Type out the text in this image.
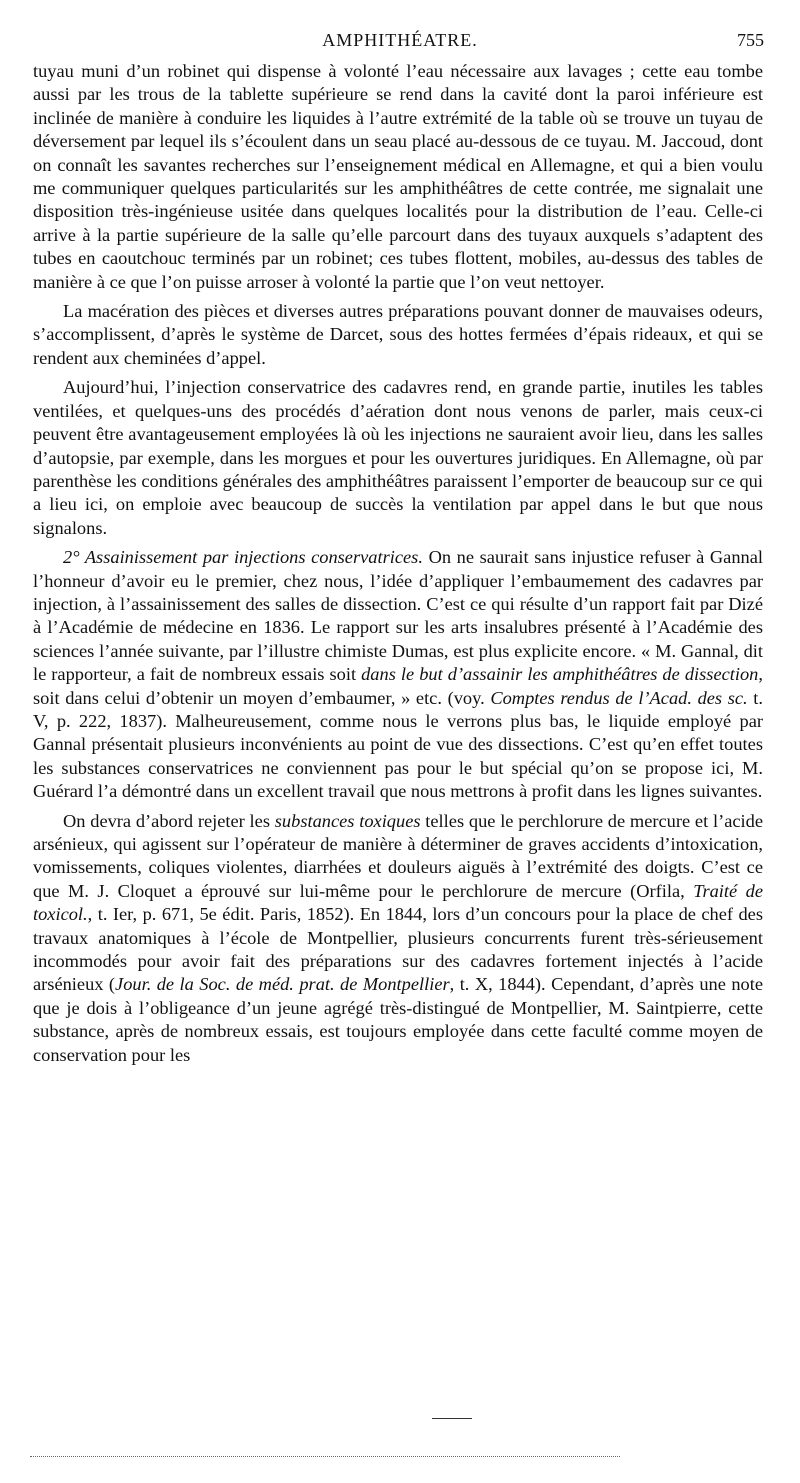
AMPHITHÉATRE.	755

tuyau muni d’un robinet qui dispense à volonté l’eau nécessaire aux lavages ; cette eau tombe aussi par les trous de la tablette supérieure se rend dans la cavité dont la paroi inférieure est inclinée de manière à conduire les liquides à l’autre extrémité de la table où se trouve un tuyau de déversement par lequel ils s’écoulent dans un seau placé au-dessous de ce tuyau. M. Jaccoud, dont on connaît les savantes recherches sur l’enseignement médical en Allemagne, et qui a bien voulu me communiquer quelques particularités sur les amphithéâtres de cette contrée, me signalait une disposition très-ingénieuse usitée dans quelques localités pour la distribution de l’eau. Celle-ci arrive à la partie supérieure de la salle qu’elle parcourt dans des tuyaux auxquels s’adaptent des tubes en caoutchouc terminés par un robinet; ces tubes flottent, mobiles, au-dessus des tables de manière à ce que l’on puisse arroser à volonté la partie que l’on veut nettoyer.

La macération des pièces et diverses autres préparations pouvant donner de mauvaises odeurs, s’accomplissent, d’après le système de Darcet, sous des hottes fermées d’épais rideaux, et qui se rendent aux cheminées d’appel.

Aujourd’hui, l’injection conservatrice des cadavres rend, en grande partie, inutiles les tables ventilées, et quelques-uns des procédés d’aération dont nous venons de parler, mais ceux-ci peuvent être avantageusement employées là où les injections ne sauraient avoir lieu, dans les salles d’autopsie, par exemple, dans les morgues et pour les ouvertures juridiques. En Allemagne, où par parenthèse les conditions générales des amphithéâtres paraissent l’emporter de beaucoup sur ce qui a lieu ici, on emploie avec beaucoup de succès la ventilation par appel dans le but que nous signalons.

2° Assainissement par injections conservatrices. On ne saurait sans injustice refuser à Gannal l’honneur d’avoir eu le premier, chez nous, l’idée d’appliquer l’embaumement des cadavres par injection, à l’assainissement des salles de dissection. C’est ce qui résulte d’un rapport fait par Dizé à l’Académie de médecine en 1836. Le rapport sur les arts insalubres présenté à l’Académie des sciences l’année suivante, par l’illustre chimiste Dumas, est plus explicite encore. « M. Gannal, dit le rapporteur, a fait de nombreux essais soit dans le but d’assainir les amphithéâtres de dissection, soit dans celui d’obtenir un moyen d’embaumer, » etc. (voy. Comptes rendus de l’Acad. des sc. t. V, p. 222, 1837). Malheureusement, comme nous le verrons plus bas, le liquide employé par Gannal présentait plusieurs inconvénients au point de vue des dissections. C’est qu’en effet toutes les substances conservatrices ne conviennent pas pour le but spécial qu’on se propose ici, M. Guérard l’a démontré dans un excellent travail que nous mettrons à profit dans les lignes suivantes.

On devra d’abord rejeter les substances toxiques telles que le perchlorure de mercure et l’acide arsénieux, qui agissent sur l’opérateur de manière à déterminer de graves accidents d’intoxication, vomissements, coliques violentes, diarrhées et douleurs aiguës à l’extrémité des doigts. C’est ce que M. J. Cloquet a éprouvé sur lui-même pour le perchlorure de mercure (Orfila, Traité de toxicol., t. Ier, p. 671, 5e édit. Paris, 1852). En 1844, lors d’un concours pour la place de chef des travaux anatomiques à l’école de Montpellier, plusieurs concurrents furent très-sérieusement incommodés pour avoir fait des préparations sur des cadavres fortement injectés à l’acide arsénieux (Jour. de la Soc. de méd. prat. de Montpellier, t. X, 1844). Cependant, d’après une note que je dois à l’obligeance d’un jeune agrégé très-distingué de Montpellier, M. Saintpierre, cette substance, après de nombreux essais, est toujours employée dans cette faculté comme moyen de conservation pour les
